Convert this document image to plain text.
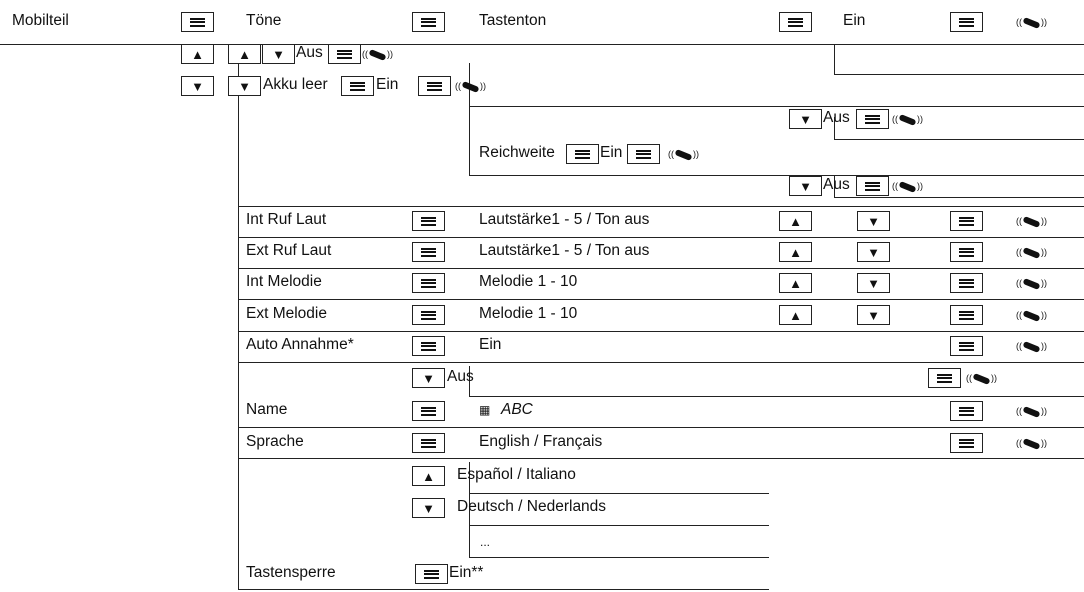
Mobilteil	Töne	Tastenton	Ein	(( ))
▲	▲	▼ Aus	(( ))
▼	▼ Akku leer	Ein	(( ))
▼ Aus	(( ))
Reichweite	Ein	(( ))
▼ Aus	(( ))
Int Ruf Laut	Lautstärke1 - 5 / Ton aus	▲	▼	(( ))
Ext Ruf Laut	Lautstärke1 - 5 / Ton aus	▲	▼	(( ))
Int Melodie	Melodie 1 - 10	▲	▼	(( ))
Ext Melodie	Melodie 1 - 10	▲	▼	(( ))
Auto Annahme*	Ein	(( ))
▼ Aus	(( ))
Name	▦ ABC	(( ))
Sprache	English / Français	(( ))
▲	Español / Italiano
▼	Deutsch / Nederlands
...
Tastensperre	Ein**
